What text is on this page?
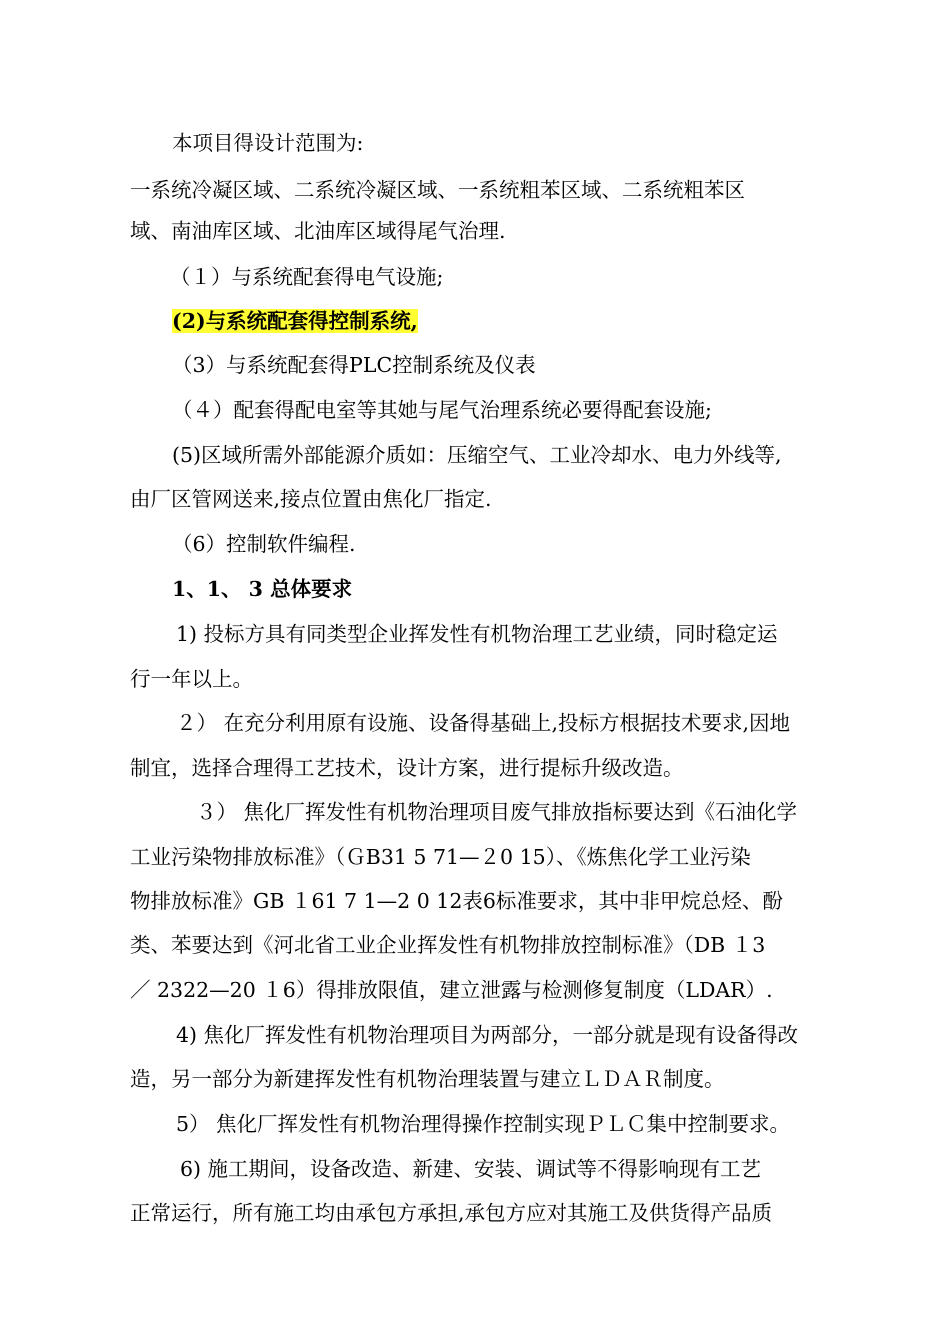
本项目得设计范围为:
一系统冷凝区域、二系统冷凝区域、一系统粗苯区域、二系统粗苯区
域、南油库区域、北油库区域得尾气治理.
（１）与系统配套得电气设施;
(2)与系统配套得控制系统,
（3）与系统配套得PLC控制系统及仪表
（４）配套得配电室等其她与尾气治理系统必要得配套设施;
(5)区域所需外部能源介质如：压缩空气、工业冷却水、电力外线等,
由厂区管网送来,接点位置由焦化厂指定.
（6）控制软件编程.
1、1、 3 总体要求
1) 投标方具有同类型企业挥发性有机物治理工艺业绩，同时稳定运
行一年以上。
２） 在充分利用原有设施、设备得基础上,投标方根据技术要求,因地
制宜，选择合理得工艺技术，设计方案，进行提标升级改造。
３） 焦化厂挥发性有机物治理项目废气排放指标要达到《石油化学
工业污染物排放标准》（ＧB31 5 71—２0 15）、《炼焦化学工业污染
物排放标准》GB １61 7 1—2 0 12表6标准要求，其中非甲烷总烃、酚
类、苯要达到《河北省工业企业挥发性有机物排放控制标准》（DB １3
／ 2322—20 １6）得排放限值，建立泄露与检测修复制度（LDAR）.
4) 焦化厂挥发性有机物治理项目为两部分，一部分就是现有设备得改
造，另一部分为新建挥发性有机物治理装置与建立ＬＤＡＲ制度。
5） 焦化厂挥发性有机物治理得操作控制实现ＰＬＣ集中控制要求。
6) 施工期间，设备改造、新建、安装、调试等不得影响现有工艺
正常运行，所有施工均由承包方承担,承包方应对其施工及供货得产品质
